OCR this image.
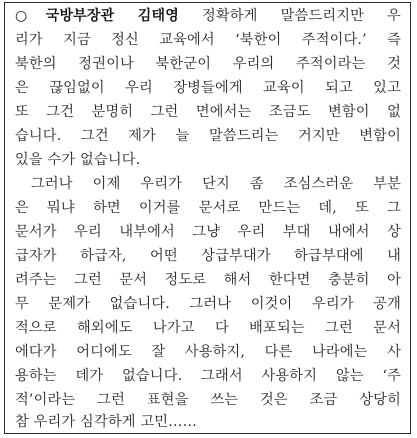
○국방부장관 김태영 정확하게 말씀드리지만 우
리가 지금 정신 교육에서 ‘북한이 주적이다.’ 즉
북한의 정권이나 북한군이 우리의 주적이라는 것
은 끊임없이 우리 장병들에게 교육이 되고 있고
또 그건 분명히 그런 면에서는 조금도 변함이 없
습니다. 그건 제가 늘 말씀드리는 거지만 변함이
있을 수가 없습니다.
그러나 이제 우리가 단지 좀 조심스러운 부분
은 뭐냐 하면 이거를 문서로 만드는 데, 또 그
문서가 우리 내부에서 그냥 우리 부대 내에서 상
급자가 하급자, 어떤 상급부대가 하급부대에 내
려주는 그런 문서 정도로 해서 한다면 충분히 아
무 문제가 없습니다. 그러나 이것이 우리가 공개
적으로 해외에도 나가고 다 배포되는 그런 문서
에다가 어디에도 잘 사용하지, 다른 나라에는 사
용하는 데가 없습니다. 그래서 사용하지 않는 ‘주
적’이라는 그런 표현을 쓰는 것은 조금 상당히
참 우리가 심각하게 고민……
